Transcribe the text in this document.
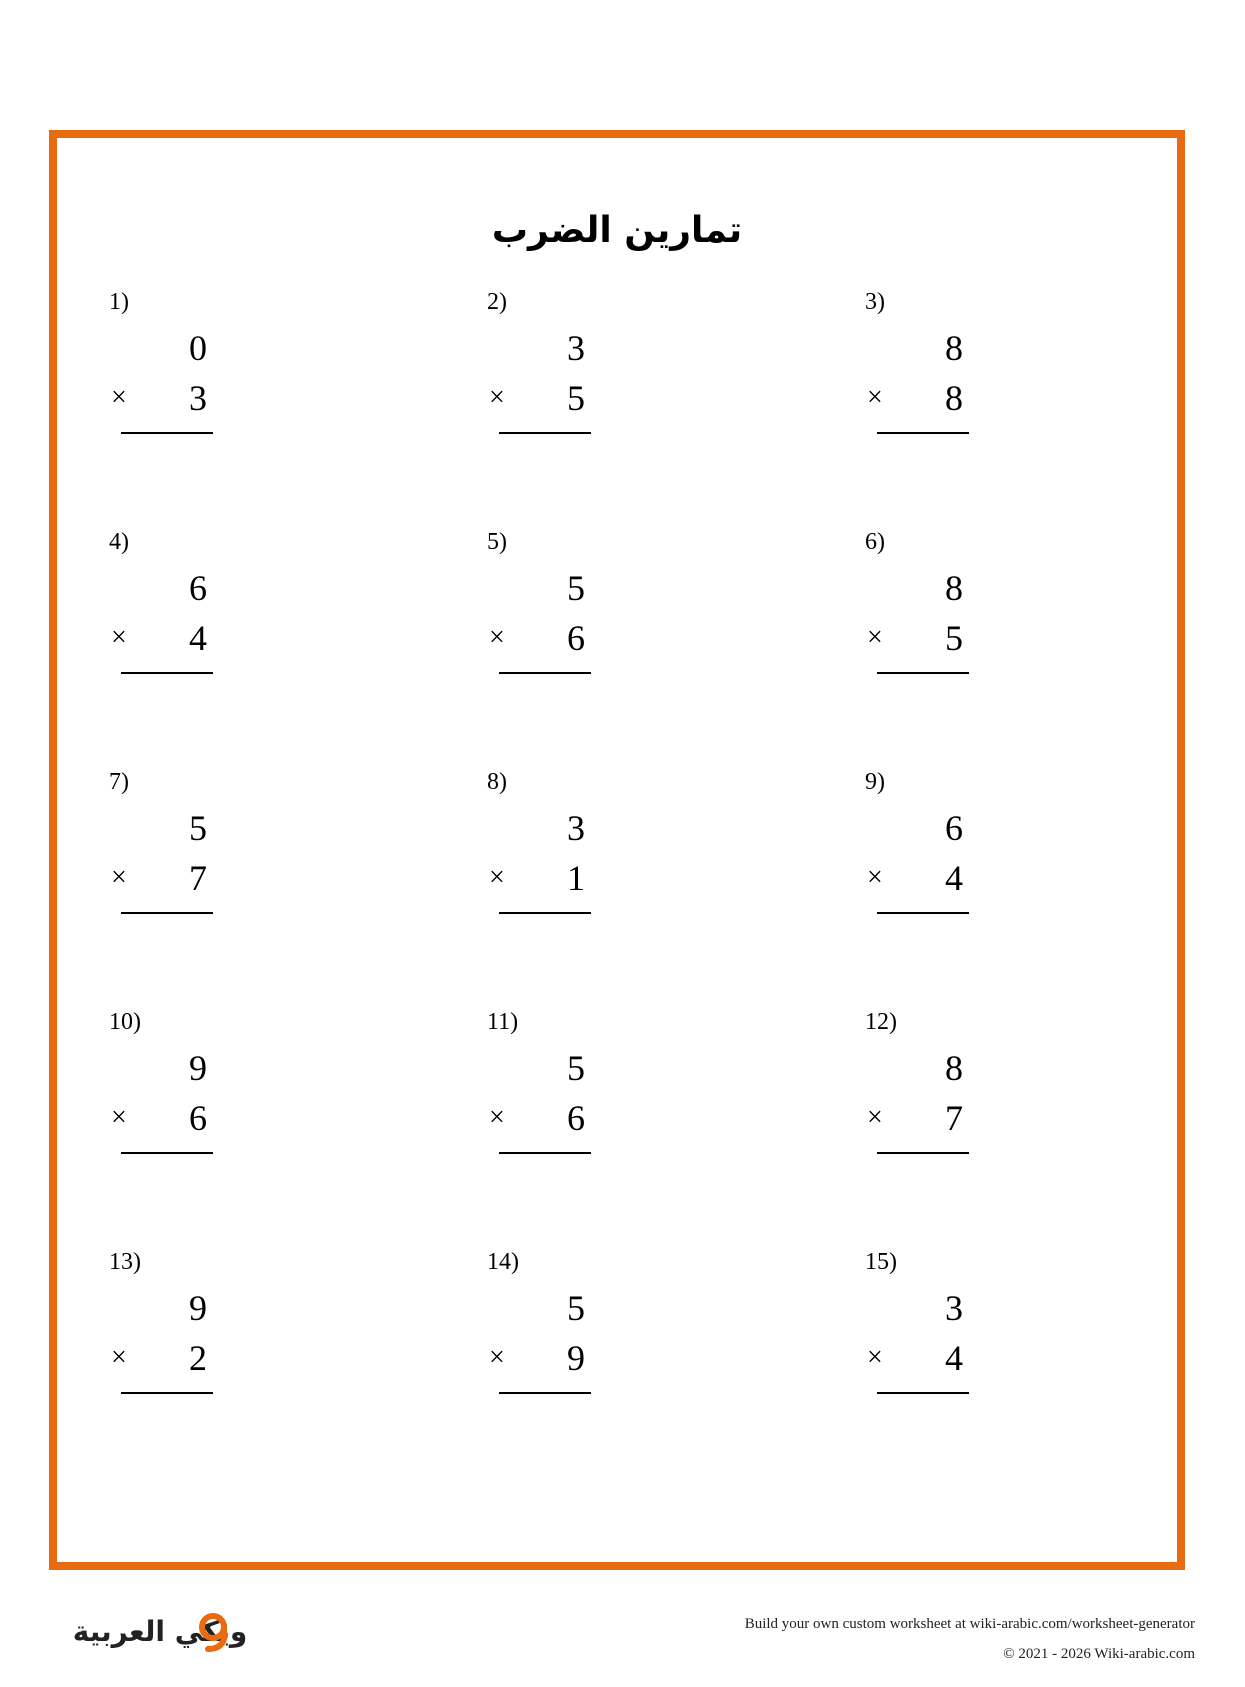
تمارين الضرب
1)
0
× 3
2)
3
× 5
3)
8
× 8
4)
6
× 4
5)
5
× 6
6)
8
× 5
7)
5
× 7
8)
3
× 1
9)
6
× 4
10)
9
× 6
11)
5
× 6
12)
8
× 7
13)
9
× 2
14)
5
× 9
15)
3
× 4
ويكي العربية	Build your own custom worksheet at wiki-arabic.com/worksheet-generator
© 2021 - 2026 Wiki-arabic.com
